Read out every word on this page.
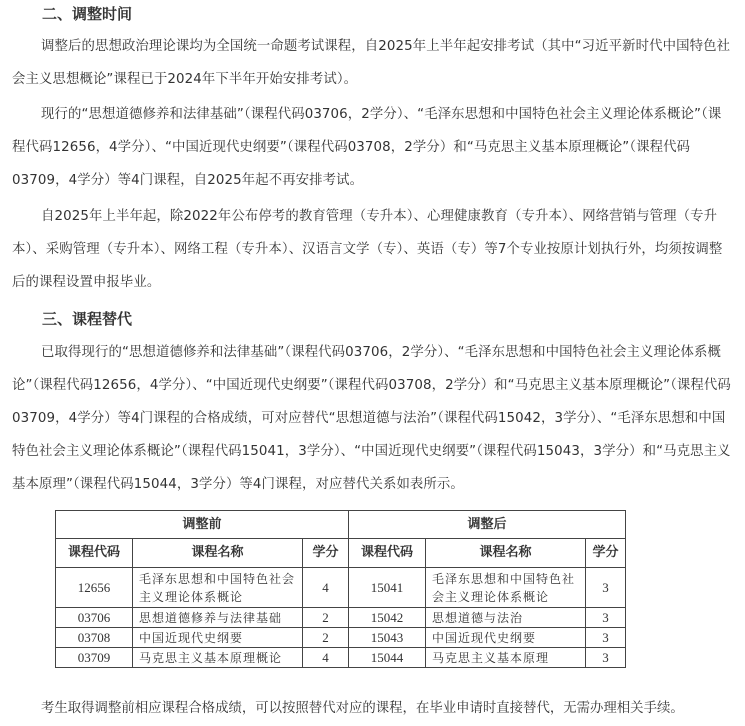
二、调整时间
调整后的思想政治理论课均为全国统一命题考试课程，自2025年上半年起安排考试（其中“习近平新时代中国特色社会主义思想概论”课程已于2024年下半年开始安排考试）。
现行的“思想道德修养和法律基础”（课程代码03706，2学分）、“毛泽东思想和中国特色社会主义理论体系概论”（课程代码12656，4学分）、“中国近现代史纲要”（课程代码03708，2学分）和“马克思主义基本原理概论”（课程代码03709，4学分）等4门课程，自2025年起不再安排考试。
自2025年上半年起，除2022年公布停考的教育管理（专升本）、心理健康教育（专升本）、网络营销与管理（专升本）、采购管理（专升本）、网络工程（专升本）、汉语言文学（专）、英语（专）等7个专业按原计划执行外，均须按调整后的课程设置申报毕业。
三、课程替代
已取得现行的“思想道德修养和法律基础”（课程代码03706，2学分）、“毛泽东思想和中国特色社会主义理论体系概论”（课程代码12656，4学分）、“中国近现代史纲要”（课程代码03708，2学分）和“马克思主义基本原理概论”（课程代码03709，4学分）等4门课程的合格成绩，可对应替代“思想道德与法治”（课程代码15042，3学分）、“毛泽东思想和中国特色社会主义理论体系概论”（课程代码15041，3学分）、“中国近现代史纲要”（课程代码15043，3学分）和“马克思主义基本原理”（课程代码15044，3学分）等4门课程，对应替代关系如表所示。
调整前			调整后		
课程代码	课程名称	学分	课程代码	课程名称	学分
12656	毛泽东思想和中国特色社会主义理论体系概论	4	15041	毛泽东思想和中国特色社会主义理论体系概论	3
03706	思想道德修养与法律基础	2	15042	思想道德与法治	3
03708	中国近现代史纲要	2	15043	中国近现代史纲要	3
03709	马克思主义基本原理概论	4	15044	马克思主义基本原理	3
考生取得调整前相应课程合格成绩，可以按照替代对应的课程，在毕业申请时直接替代，无需办理相关手续。
